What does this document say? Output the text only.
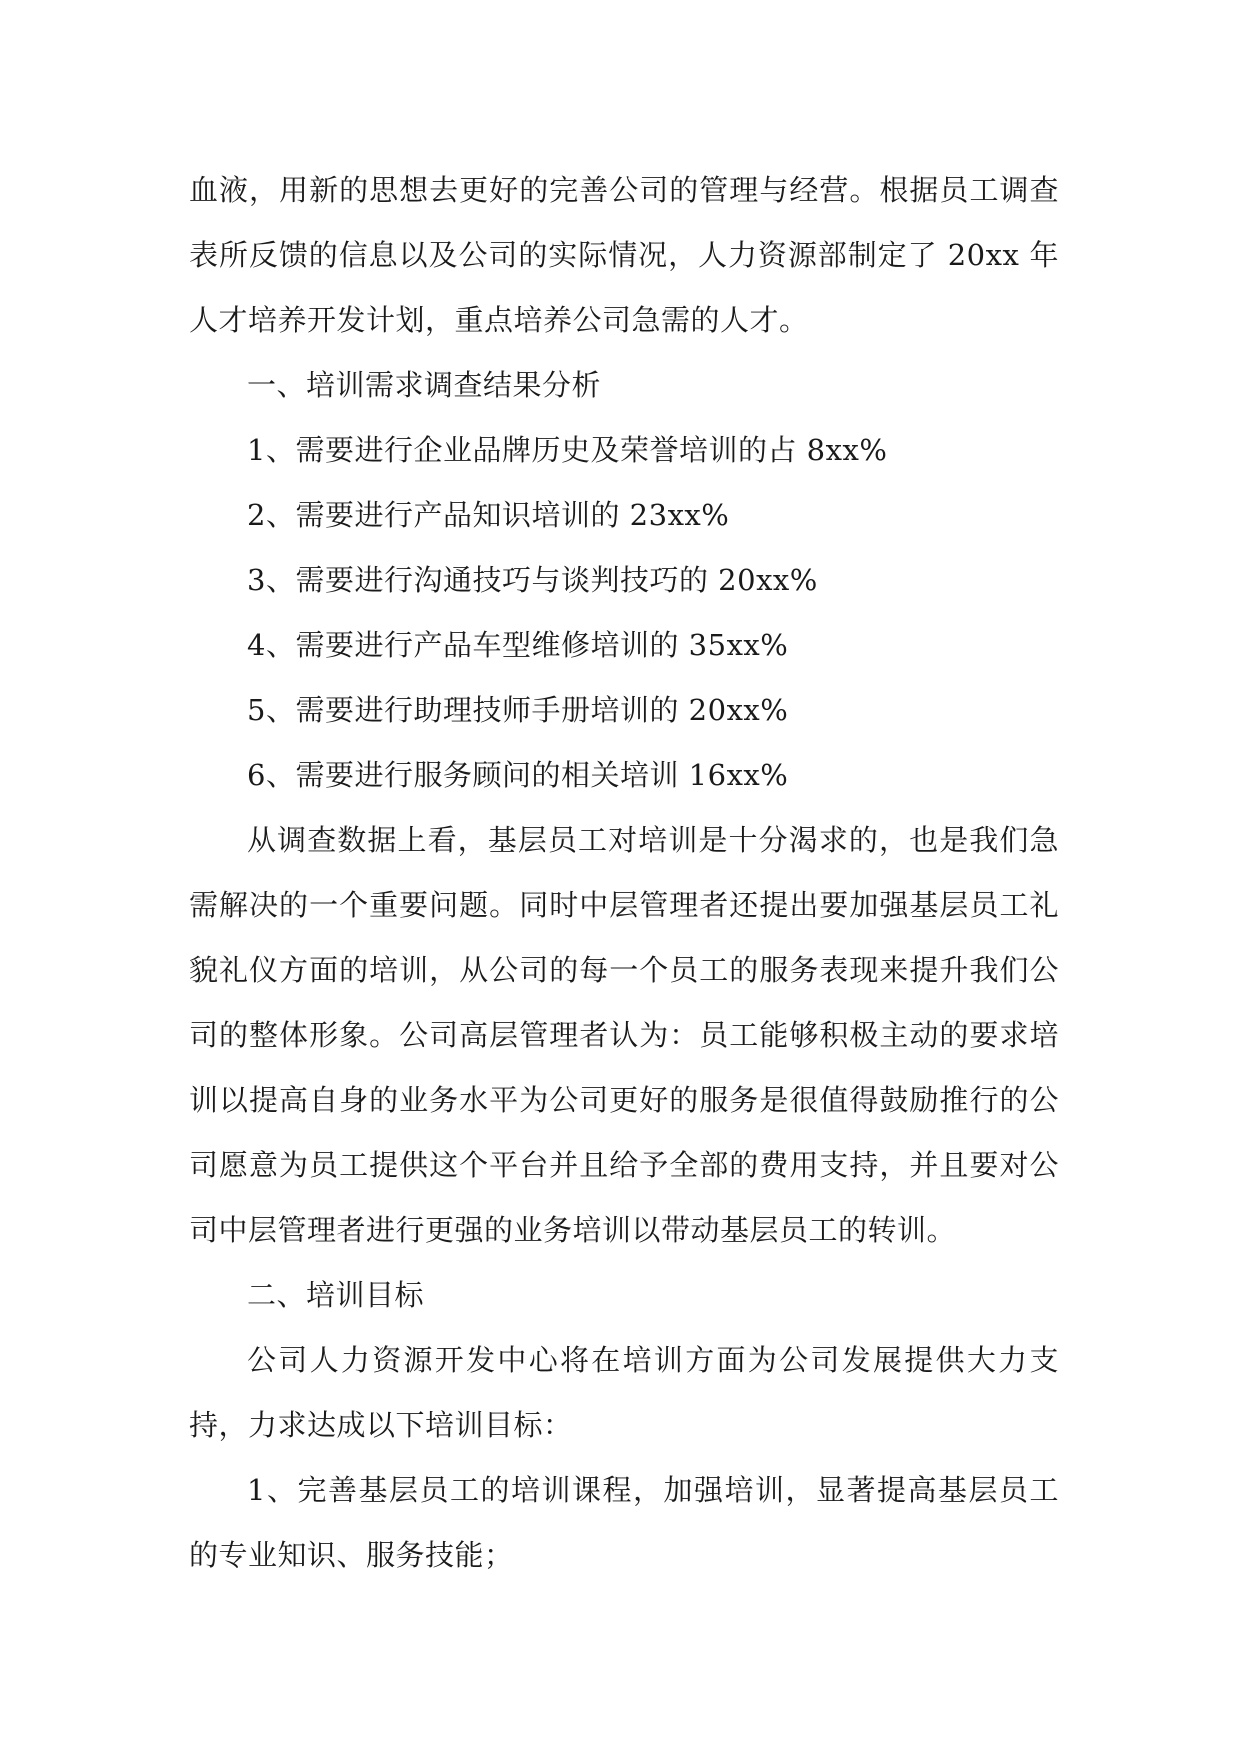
血液，用新的思想去更好的完善公司的管理与经营。根据员工调查表所反馈的信息以及公司的实际情况，人力资源部制定了 20xx 年人才培养开发计划，重点培养公司急需的人才。

一、培训需求调查结果分析

1、需要进行企业品牌历史及荣誉培训的占 8xx%

2、需要进行产品知识培训的 23xx%

3、需要进行沟通技巧与谈判技巧的 20xx%

4、需要进行产品车型维修培训的 35xx%

5、需要进行助理技师手册培训的 20xx%

6、需要进行服务顾问的相关培训 16xx%

从调查数据上看，基层员工对培训是十分渴求的，也是我们急需解决的一个重要问题。同时中层管理者还提出要加强基层员工礼貌礼仪方面的培训，从公司的每一个员工的服务表现来提升我们公司的整体形象。公司高层管理者认为：员工能够积极主动的要求培训以提高自身的业务水平为公司更好的服务是很值得鼓励推行的公司愿意为员工提供这个平台并且给予全部的费用支持，并且要对公司中层管理者进行更强的业务培训以带动基层员工的转训。

二、培训目标

公司人力资源开发中心将在培训方面为公司发展提供大力支持，力求达成以下培训目标：

1、完善基层员工的培训课程，加强培训，显著提高基层员工的专业知识、服务技能；
